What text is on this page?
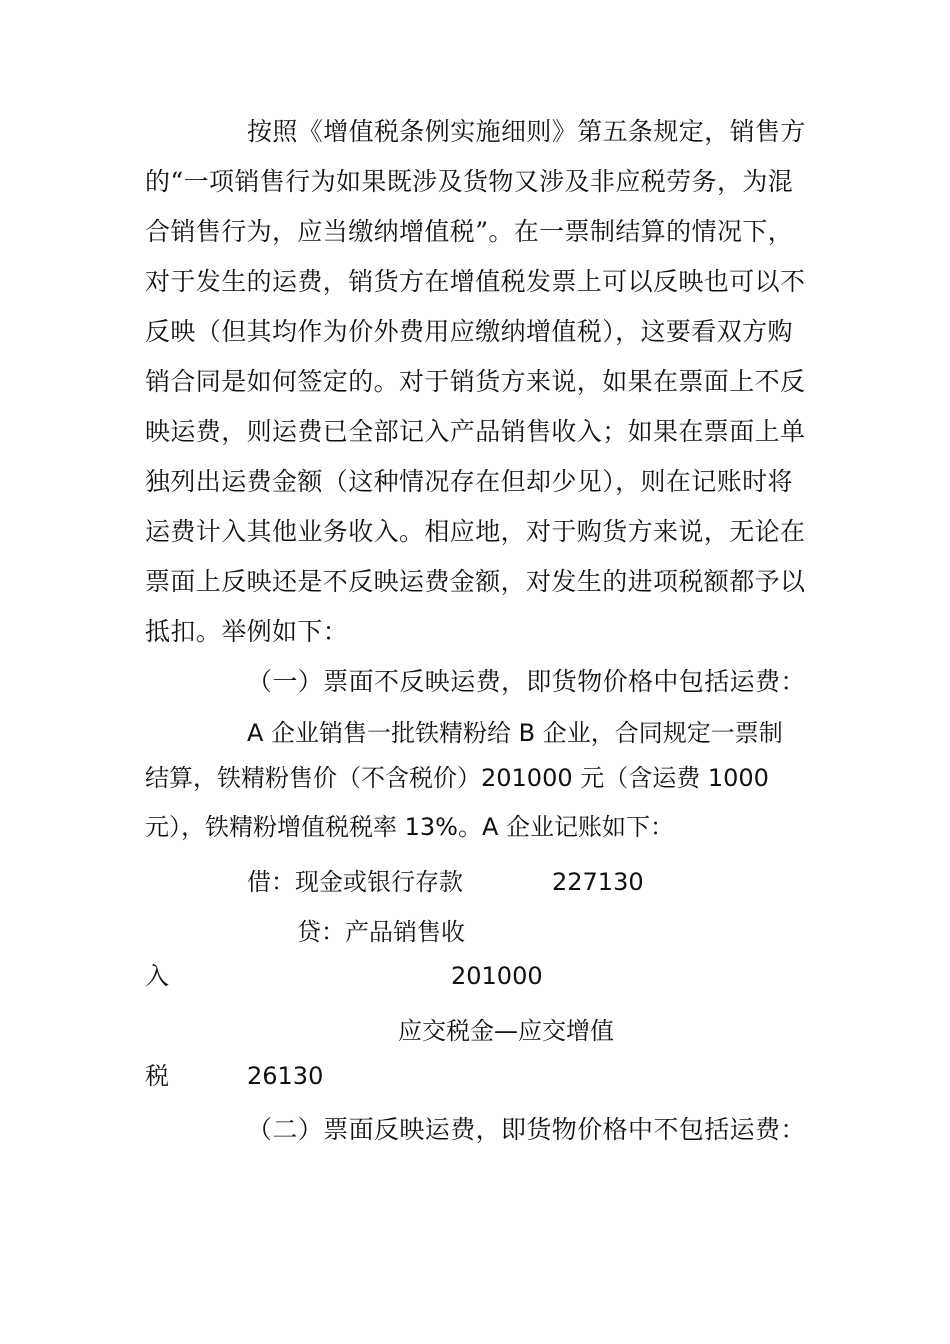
按照《增值税条例实施细则》第五条规定，销售方
的“一项销售行为如果既涉及货物又涉及非应税劳务，为混
合销售行为，应当缴纳增值税”。在一票制结算的情况下，
对于发生的运费，销货方在增值税发票上可以反映也可以不
反映（但其均作为价外费用应缴纳增值税），这要看双方购
销合同是如何签定的。对于销货方来说，如果在票面上不反
映运费，则运费已全部记入产品销售收入；如果在票面上单
独列出运费金额（这种情况存在但却少见），则在记账时将
运费计入其他业务收入。相应地，对于购货方来说，无论在
票面上反映还是不反映运费金额，对发生的进项税额都予以
抵扣。举例如下：
（一）票面不反映运费，即货物价格中包括运费：
A 企业销售一批铁精粉给 B 企业，合同规定一票制
结算，铁精粉售价（不含税价）201000 元（含运费 1000
元），铁精粉增值税税率 13%。A 企业记账如下：
借：现金或银行存款	227130
贷：产品销售收
入	201000
应交税金—应交增值
税	26130
（二）票面反映运费，即货物价格中不包括运费：
